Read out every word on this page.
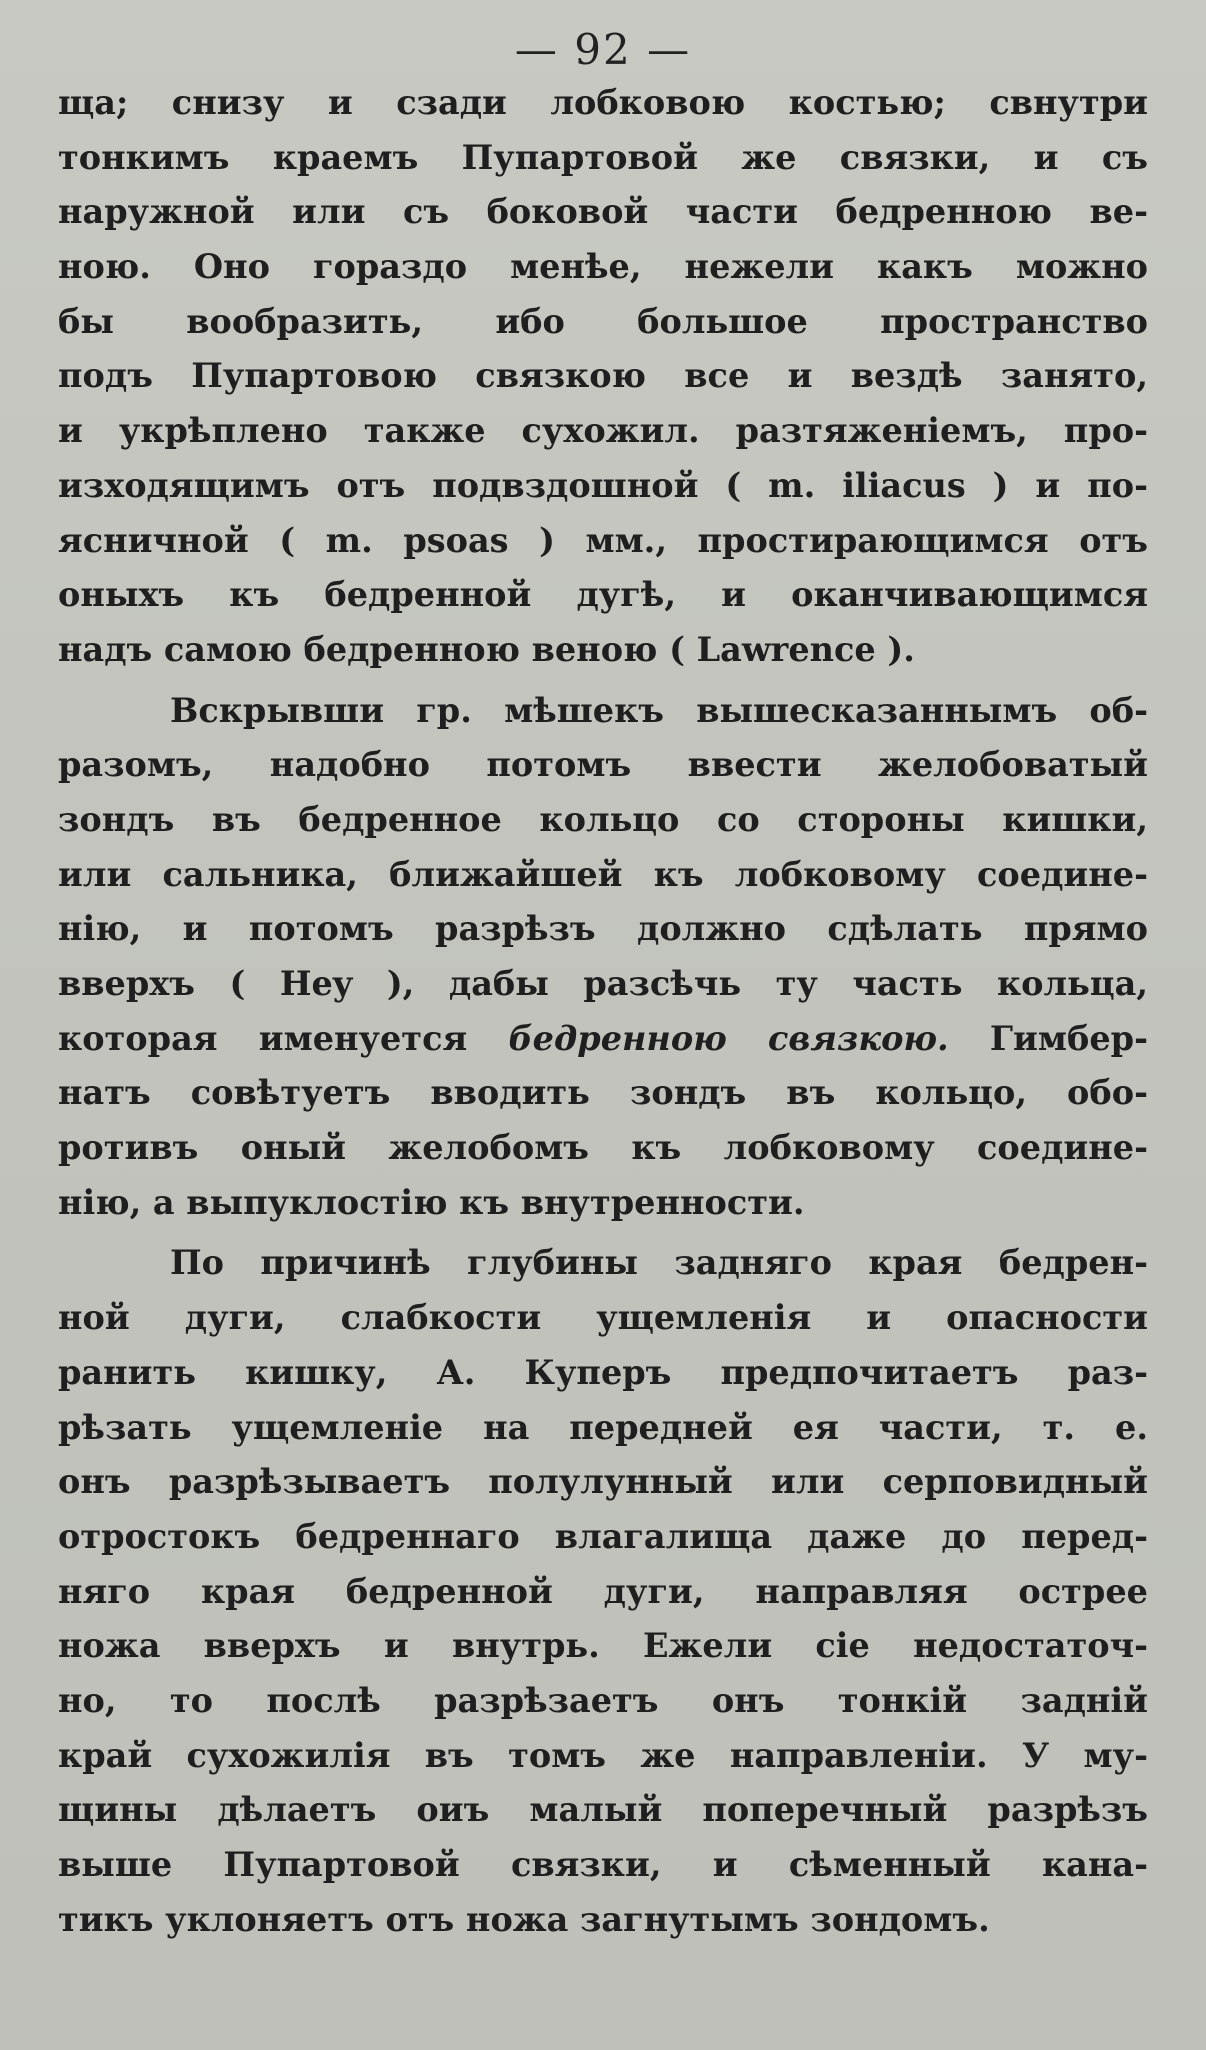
— 92 —
ща; снизу и сзади лобковою костью; свнутри
тонкимъ краемъ Пупартовой же связки, и съ
наружной или съ боковой части бедренною ве-
ною. Оно гораздо менѣе, нежели какъ можно
бы вообразить, ибо большое пространство
подъ Пупартовою связкою все и вездѣ занято,
и укрѣплено также сухожил. разтяженіемъ, про-
изходящимъ отъ подвздошной ( m. iliacus ) и по-
ясничной ( m. psoas ) мм., простирающимся отъ
оныхъ къ бедренной дугѣ, и оканчивающимся
надъ самою бедренною веною ( Lawrence ).
Вскрывши гр. мѣшекъ вышесказаннымъ об-
разомъ, надобно потомъ ввести желобоватый
зондъ въ бедренное кольцо со стороны кишки,
или сальника, ближайшей къ лобковому соедине-
нію, и потомъ разрѣзъ должно сдѣлать прямо
вверхъ ( Hey ), дабы разсѣчь ту часть кольца,
которая именуется бедренною связкою. Гимбер-
натъ совѣтуетъ вводить зондъ въ кольцо, обо-
ротивъ оный желобомъ къ лобковому соедине-
нію, а выпуклостію къ внутренности.
По причинѣ глубины задняго края бедрен-
ной дуги, слабкости ущемленія и опасности
ранить кишку, А. Куперъ предпочитаетъ раз-
рѣзать ущемленіе на передней ея части, т. е.
онъ разрѣзываетъ полулунный или серповидный
отростокъ бедреннаго влагалища даже до перед-
няго края бедренной дуги, направляя острее
ножа вверхъ и внутрь. Ежели сіе недостаточ-
но, то послѣ разрѣзаетъ онъ тонкій задній
край сухожилія въ томъ же направленіи. У му-
щины дѣлаетъ оиъ малый поперечный разрѣзъ
выше Пупартовой связки, и сѣменный кана-
тикъ уклоняетъ отъ ножа загнутымъ зондомъ.
